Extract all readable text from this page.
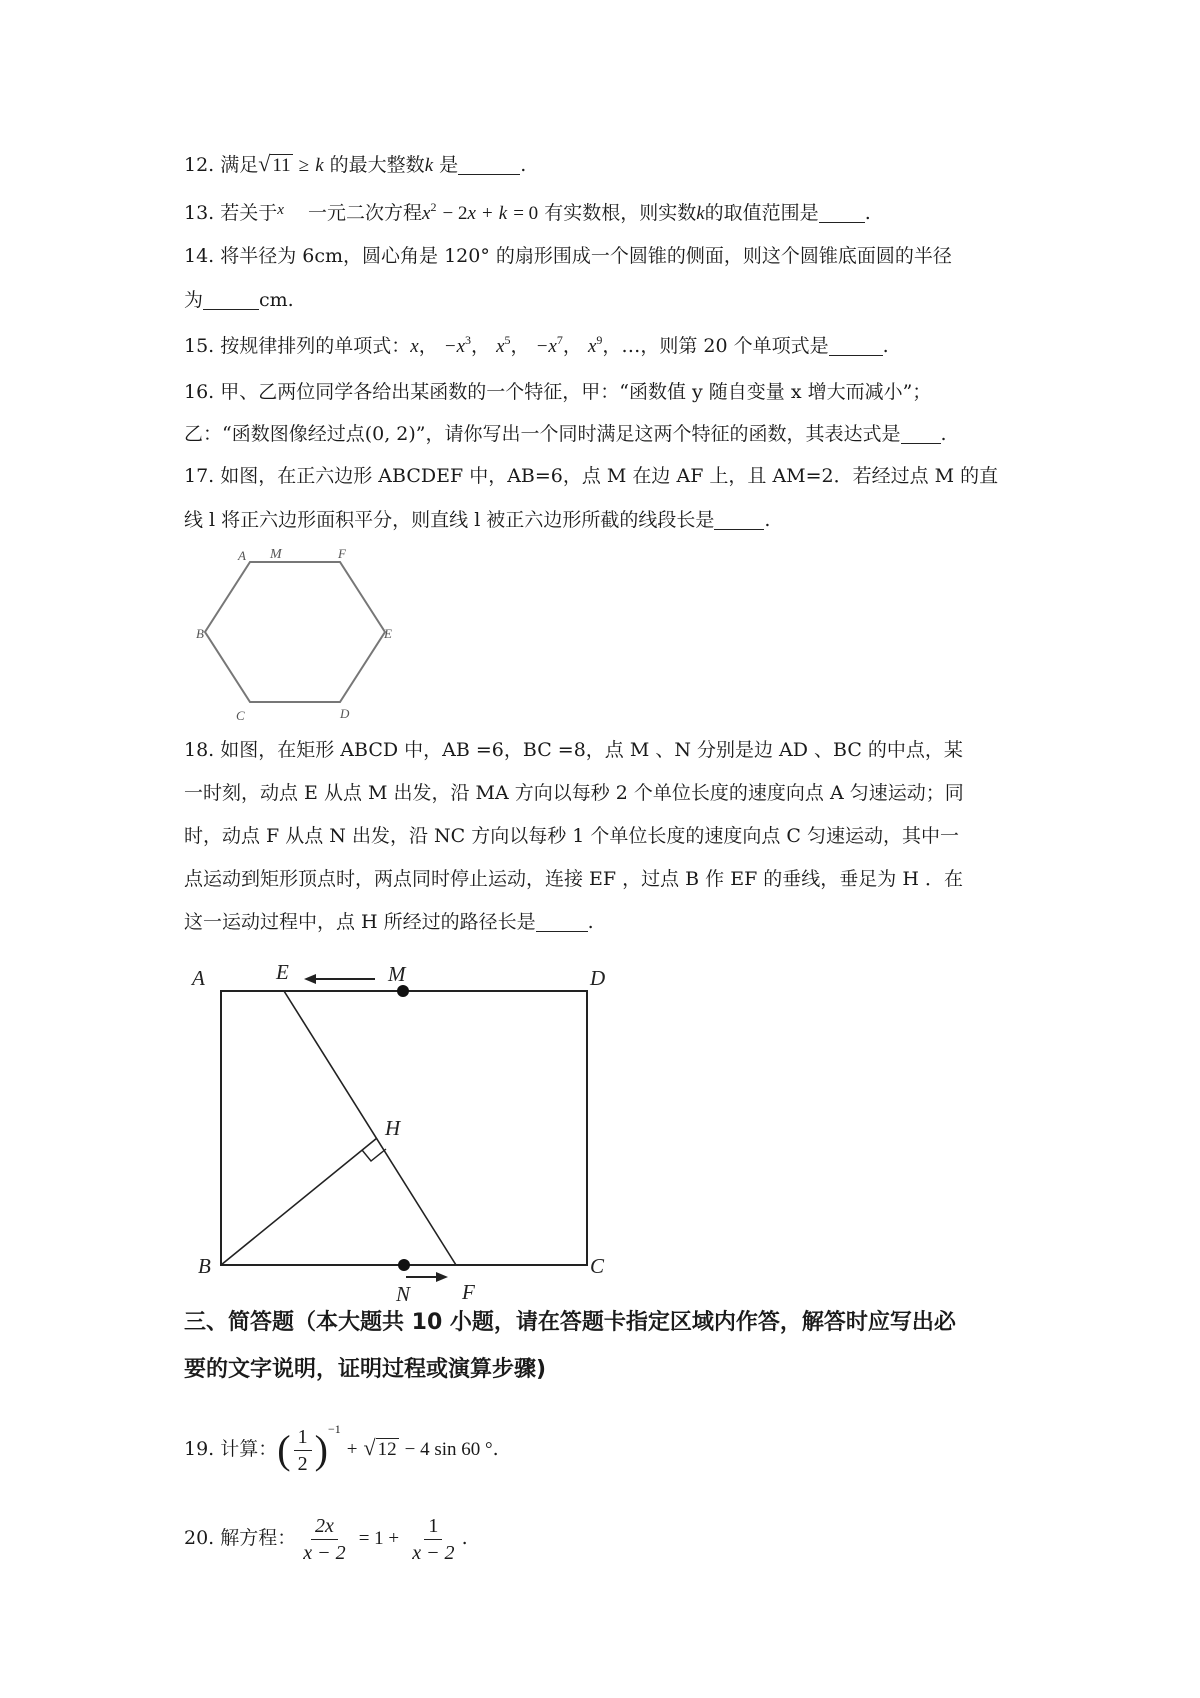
12. 满足√ 11 ≥ k 的最大整数k 是	.
13. 若关于$^x$ 一元二次方程$x^2 - 2x + k = 0$ 有实数根，则实数k的取值范围是 .
14. 将半径为 6cm，圆心角是 120° 的扇形围成一个圆锥的侧面，则这个圆锥底面圆的半径
为	cm.
15. 按规律排列的单项式：x， $-x^3$， $x^5$， $-x^7$， $x^9$，…，则第 20 个单项式是	.
16. 甲、乙两位同学各给出某函数的一个特征，甲：“函数值 y 随自变量 x 增大而减小”；
乙：“函数图像经过点(0, 2)”，请你写出一个同时满足这两个特征的函数，其表达式是 .
17. 如图，在正六边形 ABCDEF 中，AB=6，点 M 在边 AF 上，且 AM=2．若经过点 M 的直
线 l 将正六边形面积平分，则直线 l 被正六边形所截的线段长是	.
A M	F
B	E
C	D
18. 如图，在矩形 ABCD 中，AB =6，BC =8，点 M 、N 分别是边 AD 、BC 的中点，某
一时刻，动点 E 从点 M 出发，沿 MA 方向以每秒 2 个单位长度的速度向点 A 匀速运动；同
时，动点 F 从点 N 出发，沿 NC 方向以每秒 1 个单位长度的速度向点 C 匀速运动，其中一
点运动到矩形顶点时，两点同时停止运动，连接 EF ，过点 B 作 EF 的垂线，垂足为 H ．在
这一运动过程中，点 H 所经过的路径长是	.
A	E	M	D
H
B
N F
C
三、简答题（本大题共 10 小题，请在答题卡指定区域内作答，解答时应写出必
要的文字说明，证明过程或演算步骤)
19. 计算：( $\frac{1}{2} )^{-1}$ + √ 12 − 4 sin 60 °.
20. 解方程： $\frac{2x}{x - 2} = 1 + \frac{1}{x - 2}$ .
